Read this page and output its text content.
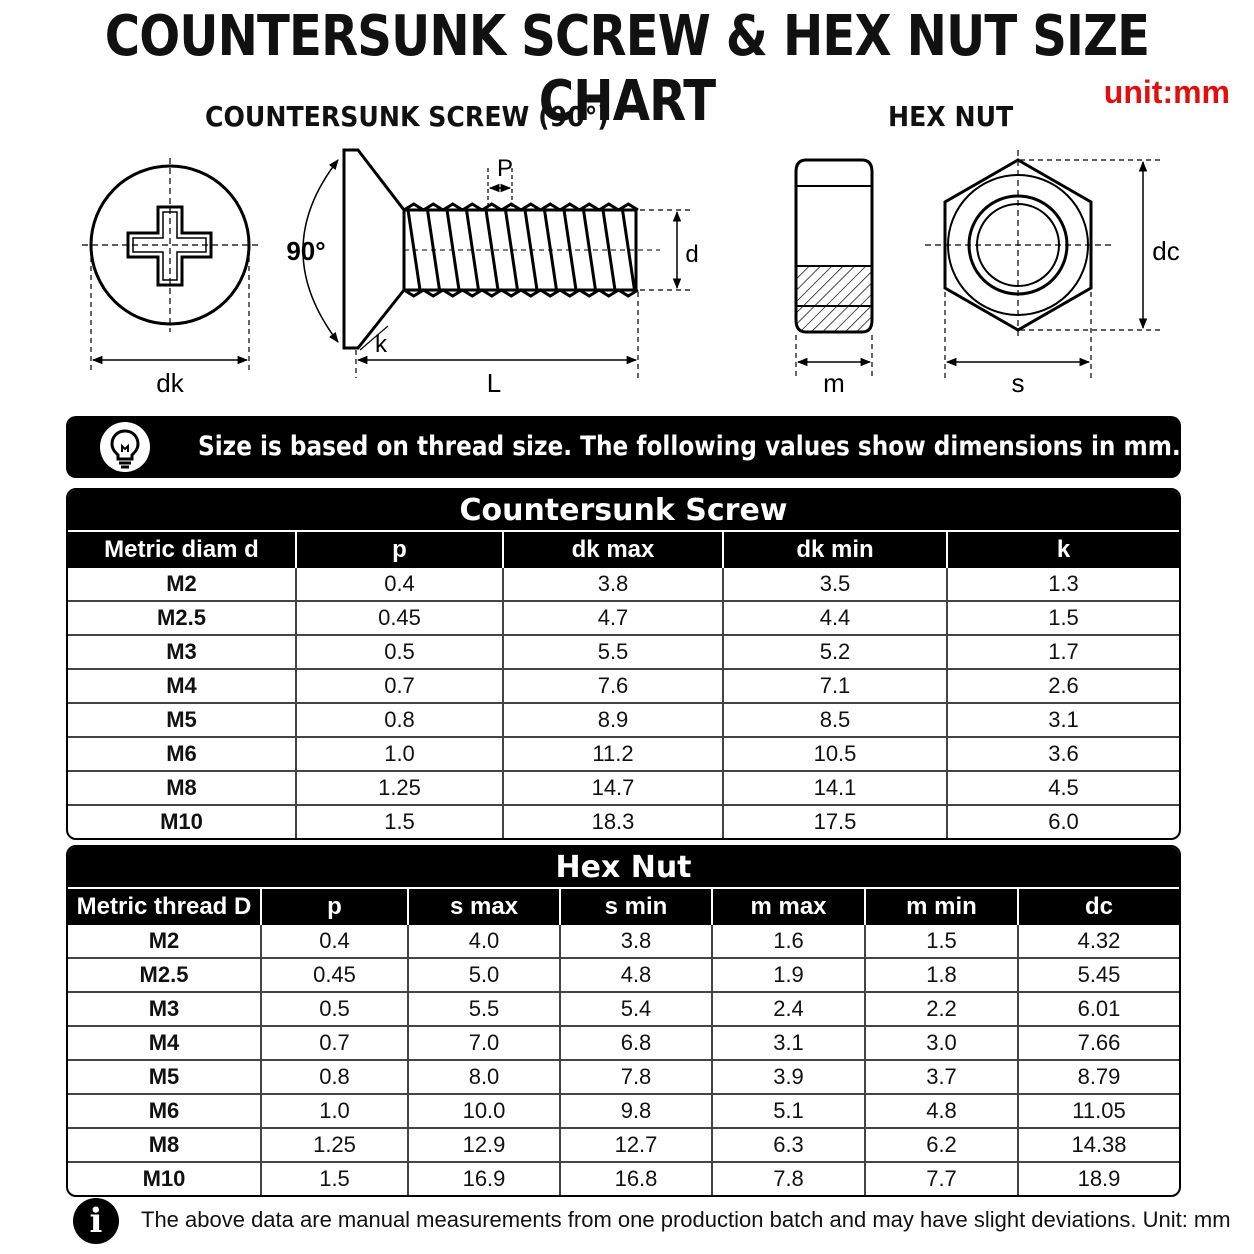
COUNTERSUNK SCREW & HEX NUT SIZE CHART	unit:mm
COUNTERSUNK SCREW (90°)	HEX NUT
dk
90°
k
L
P
d
m	s
dc
Size is based on thread size. The following values show dimensions in mm.
Countersunk Screw
Metric diam d	p	dk max	dk min	k
M2	0.4	3.8	3.5	1.3
M2.5	0.45	4.7	4.4	1.5
M3	0.5	5.5	5.2	1.7
M4	0.7	7.6	7.1	2.6
M5	0.8	8.9	8.5	3.1
M6	1.0	11.2	10.5	3.6
M8	1.25	14.7	14.1	4.5
M10	1.5	18.3	17.5	6.0
Hex Nut
Metric thread D	p	s max	s min	m max	m min	dc
M2	0.4	4.0	3.8	1.6	1.5	4.32
M2.5	0.45	5.0	4.8	1.9	1.8	5.45
M3	0.5	5.5	5.4	2.4	2.2	6.01
M4	0.7	7.0	6.8	3.1	3.0	7.66
M5	0.8	8.0	7.8	3.9	3.7	8.79
M6	1.0	10.0	9.8	5.1	4.8	11.05
M8	1.25	12.9	12.7	6.3	6.2	14.38
M10	1.5	16.9	16.8	7.8	7.7	18.9
i	The above data are manual measurements from one production batch and may have slight deviations. Unit: mm
